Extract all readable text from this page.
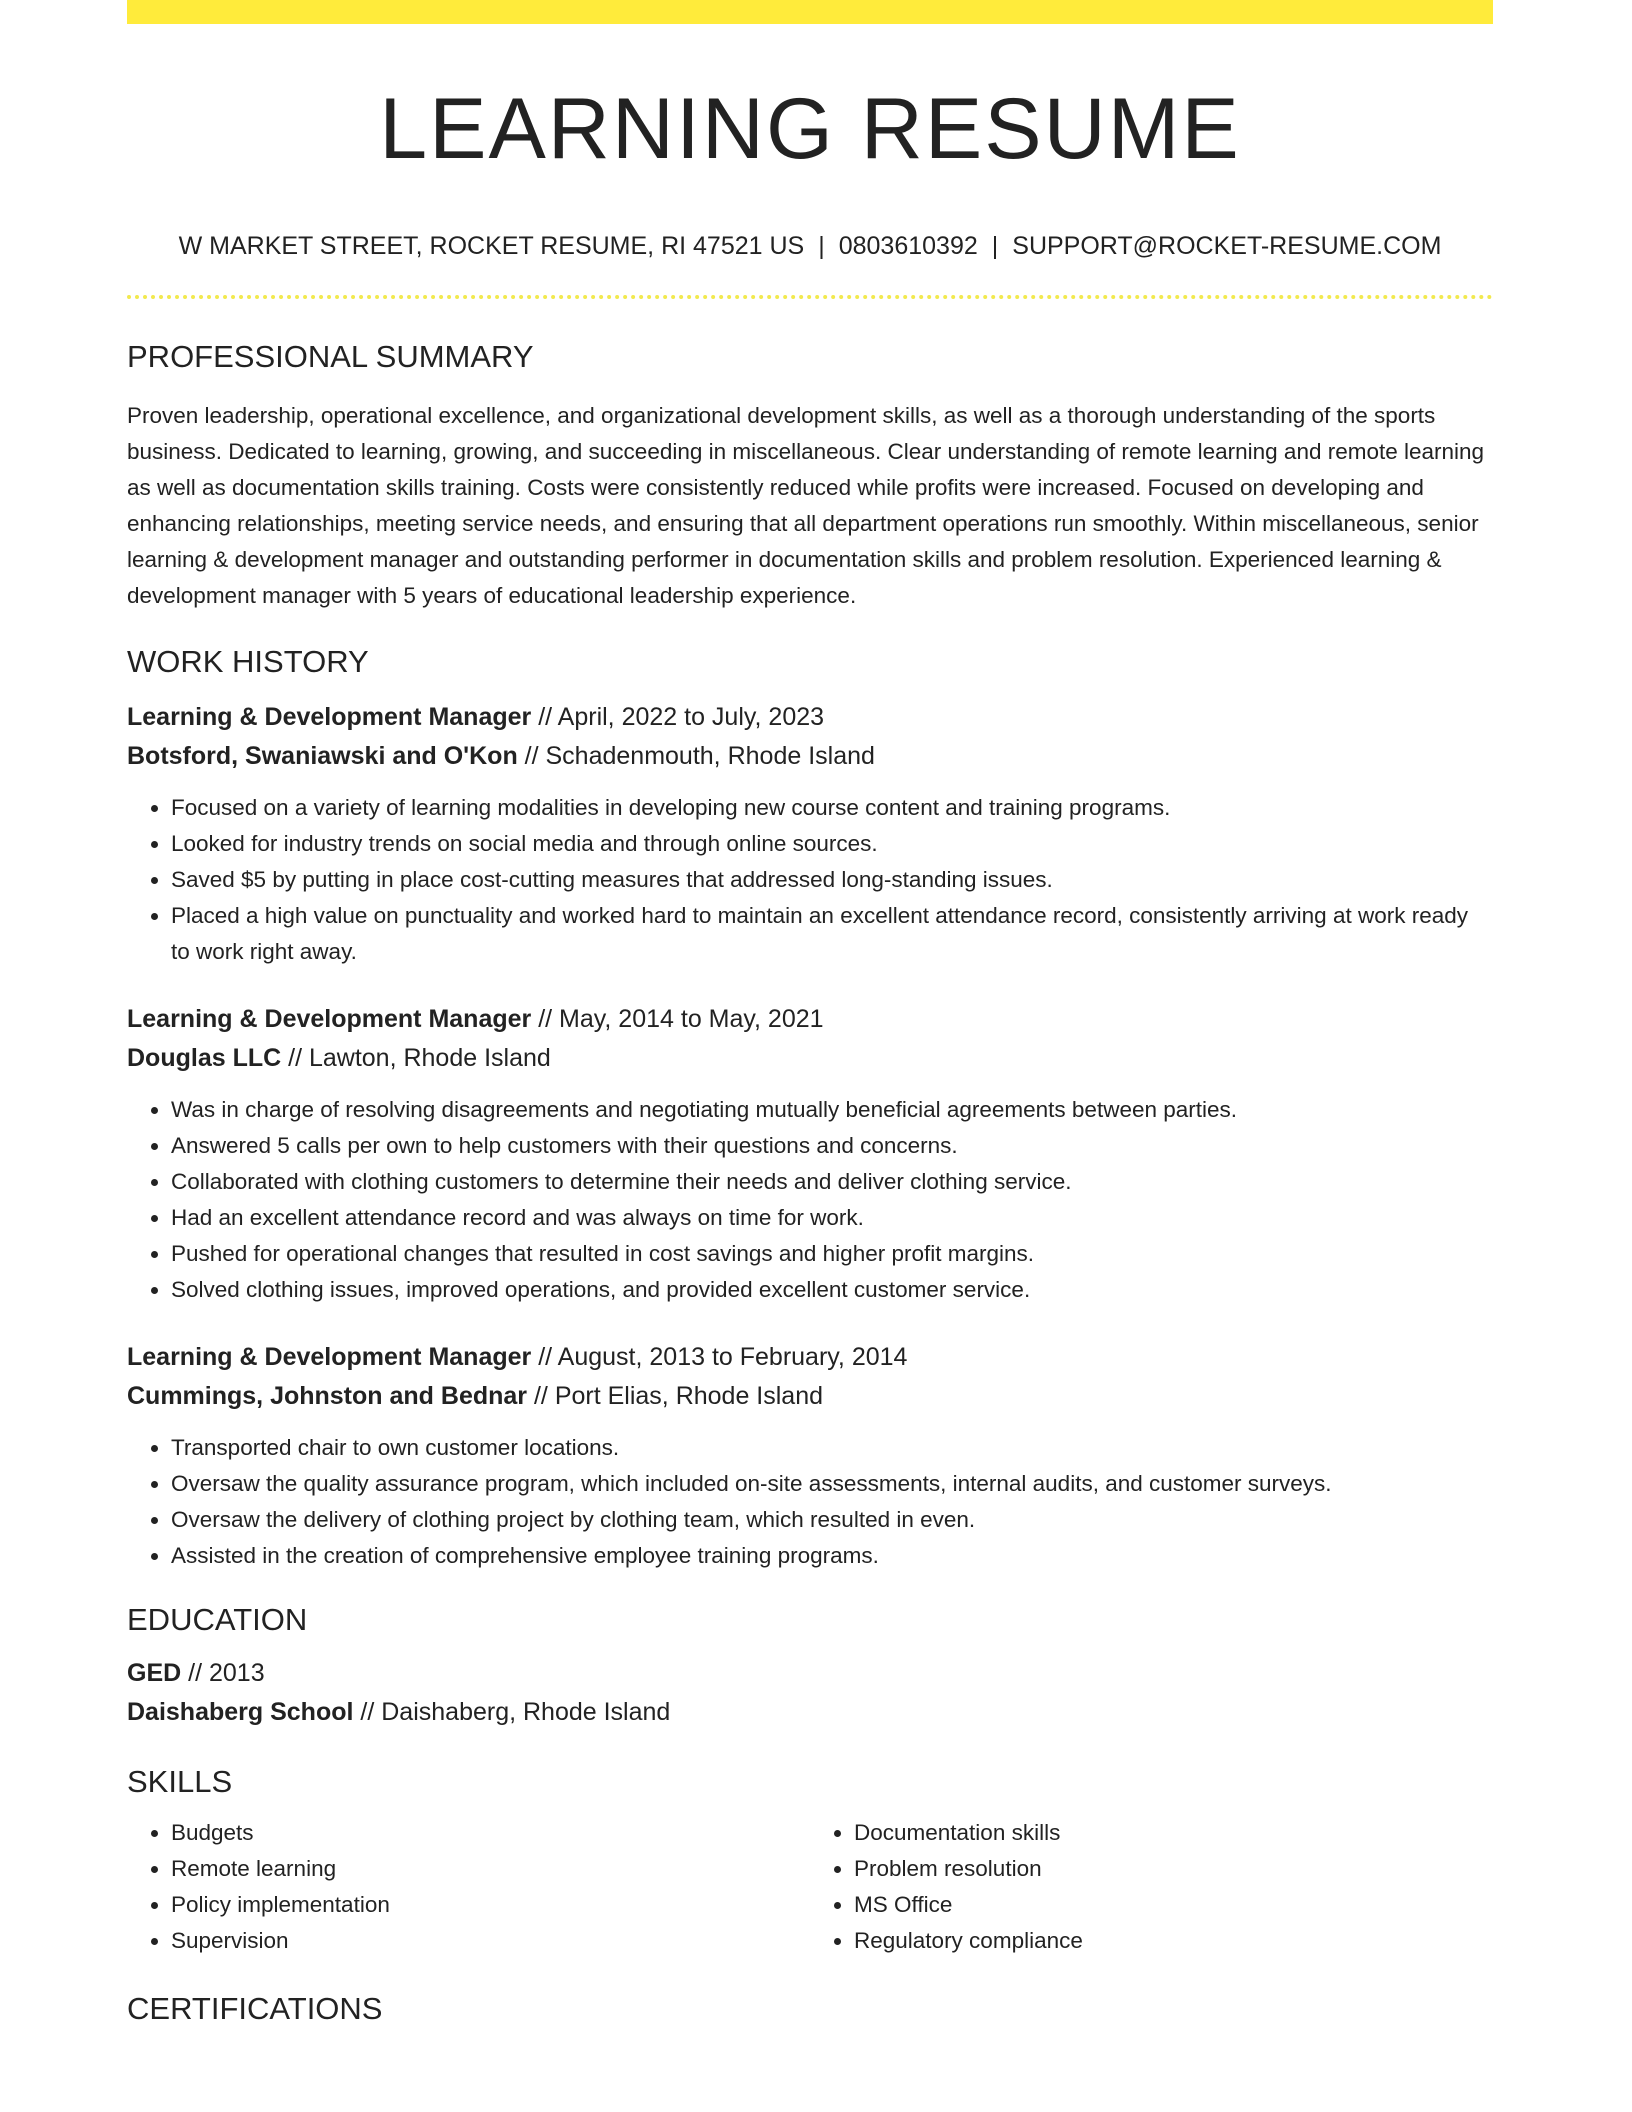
LEARNING RESUME
W MARKET STREET, ROCKET RESUME, RI 47521 US | 0803610392 | SUPPORT@ROCKET-RESUME.COM
PROFESSIONAL SUMMARY

Proven leadership, operational excellence, and organizational development skills, as well as a thorough understanding of the sports business. Dedicated to learning, growing, and succeeding in miscellaneous. Clear understanding of remote learning and remote learning as well as documentation skills training. Costs were consistently reduced while profits were increased. Focused on developing and enhancing relationships, meeting service needs, and ensuring that all department operations run smoothly. Within miscellaneous, senior learning & development manager and outstanding performer in documentation skills and problem resolution. Experienced learning & development manager with 5 years of educational leadership experience.

WORK HISTORY
Learning & Development Manager // April, 2022 to July, 2023
Botsford, Swaniawski and O'Kon // Schadenmouth, Rhode Island
• Focused on a variety of learning modalities in developing new course content and training programs.
• Looked for industry trends on social media and through online sources.
• Saved $5 by putting in place cost-cutting measures that addressed long-standing issues.
• Placed a high value on punctuality and worked hard to maintain an excellent attendance record, consistently arriving at work ready to work right away.
Learning & Development Manager // May, 2014 to May, 2021
Douglas LLC // Lawton, Rhode Island
• Was in charge of resolving disagreements and negotiating mutually beneficial agreements between parties.
• Answered 5 calls per own to help customers with their questions and concerns.
• Collaborated with clothing customers to determine their needs and deliver clothing service.
• Had an excellent attendance record and was always on time for work.
• Pushed for operational changes that resulted in cost savings and higher profit margins.
• Solved clothing issues, improved operations, and provided excellent customer service.
Learning & Development Manager // August, 2013 to February, 2014
Cummings, Johnston and Bednar // Port Elias, Rhode Island
• Transported chair to own customer locations.
• Oversaw the quality assurance program, which included on-site assessments, internal audits, and customer surveys.
• Oversaw the delivery of clothing project by clothing team, which resulted in even.
• Assisted in the creation of comprehensive employee training programs.
EDUCATION
GED // 2013
Daishaberg School // Daishaberg, Rhode Island
SKILLS
• Budgets
• Remote learning
• Policy implementation
• Supervision
• Documentation skills
• Problem resolution
• MS Office
• Regulatory compliance
CERTIFICATIONS
